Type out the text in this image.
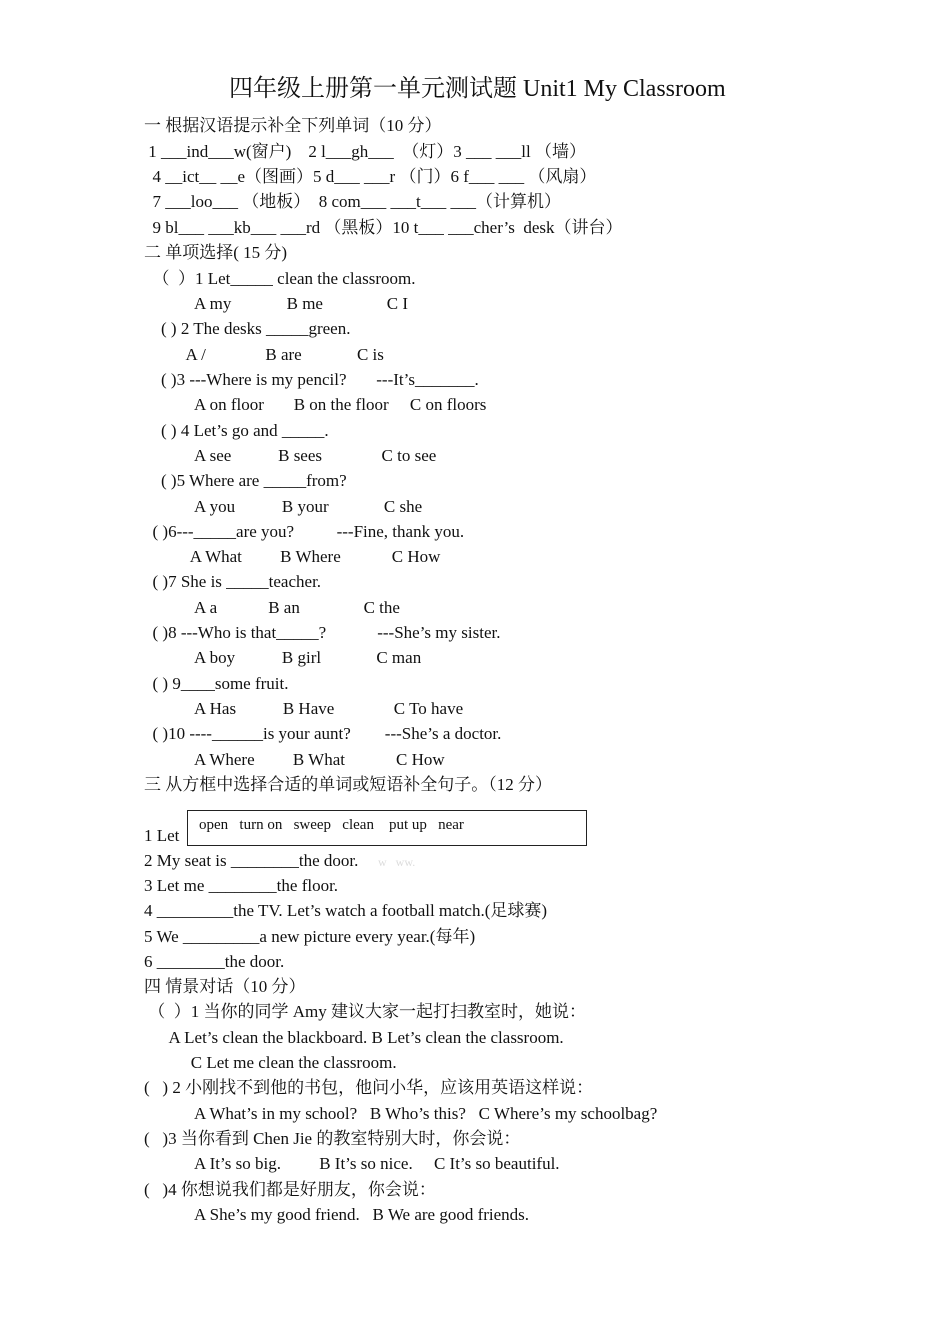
四年级上册第一单元测试题 Unit1 My Classroom
一 根据汉语提示补全下列单词（10 分）
1 ___ind___w(窗户)    2 l___gh___  （灯）3 ___ ___ll （墙）
4 __ict__ __e（图画）5 d___ ___r （门）6 f___ ___ （风扇）
7 ___loo___ （地板）  8 com___ ___t___ ___（计算机）
9 bl___ ___kb___ ___rd （黑板）10 t___ ___cher’s  desk（讲台）
二 单项选择( 15 分)
（  ）1 Let_____ clean the classroom.
A my             B me               C I
( ) 2 The desks _____green.
A /              B are             C is
( )3 ---Where is my pencil?       ---It’s_______.
A on floor       B on the floor     C on floors
( ) 4 Let’s go and _____.
A see           B sees              C to see
( )5 Where are _____from?
A you           B your             C she
( )6---_____are you?          ---Fine, thank you.
A What         B Where            C How
( )7 She is _____teacher.
A a            B an               C the
( )8 ---Who is that_____?            ---She’s my sister.
A boy           B girl             C man
( ) 9____some fruit.
A Has           B Have              C To have
( )10 ----______is your aunt?        ---She’s a doctor.
A Where         B What            C How
三 从方框中选择合适的单词或短语补全句子。（12 分）
open   turn on   sweep   clean    put up   near
1 Let
2 My seat is ________the door. w   ww.
3 Let me ________the floor.
4 _________the TV. Let’s watch a football match.(足球赛)
5 We _________a new picture every year.(每年)
6 ________the door.
四 情景对话（10 分）
（  ）1 当你的同学 Amy 建议大家一起打扫教室时，她说：
A Let’s clean the blackboard. B Let’s clean the classroom.
C Let me clean the classroom.
(   ) 2 小刚找不到他的书包，他问小华，应该用英语这样说：
A What’s in my school?   B Who’s this?   C Where’s my schoolbag?
(   )3 当你看到 Chen Jie 的教室特别大时，你会说：
A It’s so big.         B It’s so nice.     C It’s so beautiful.
(   )4 你想说我们都是好朋友，你会说：
A She’s my good friend.   B We are good friends.
